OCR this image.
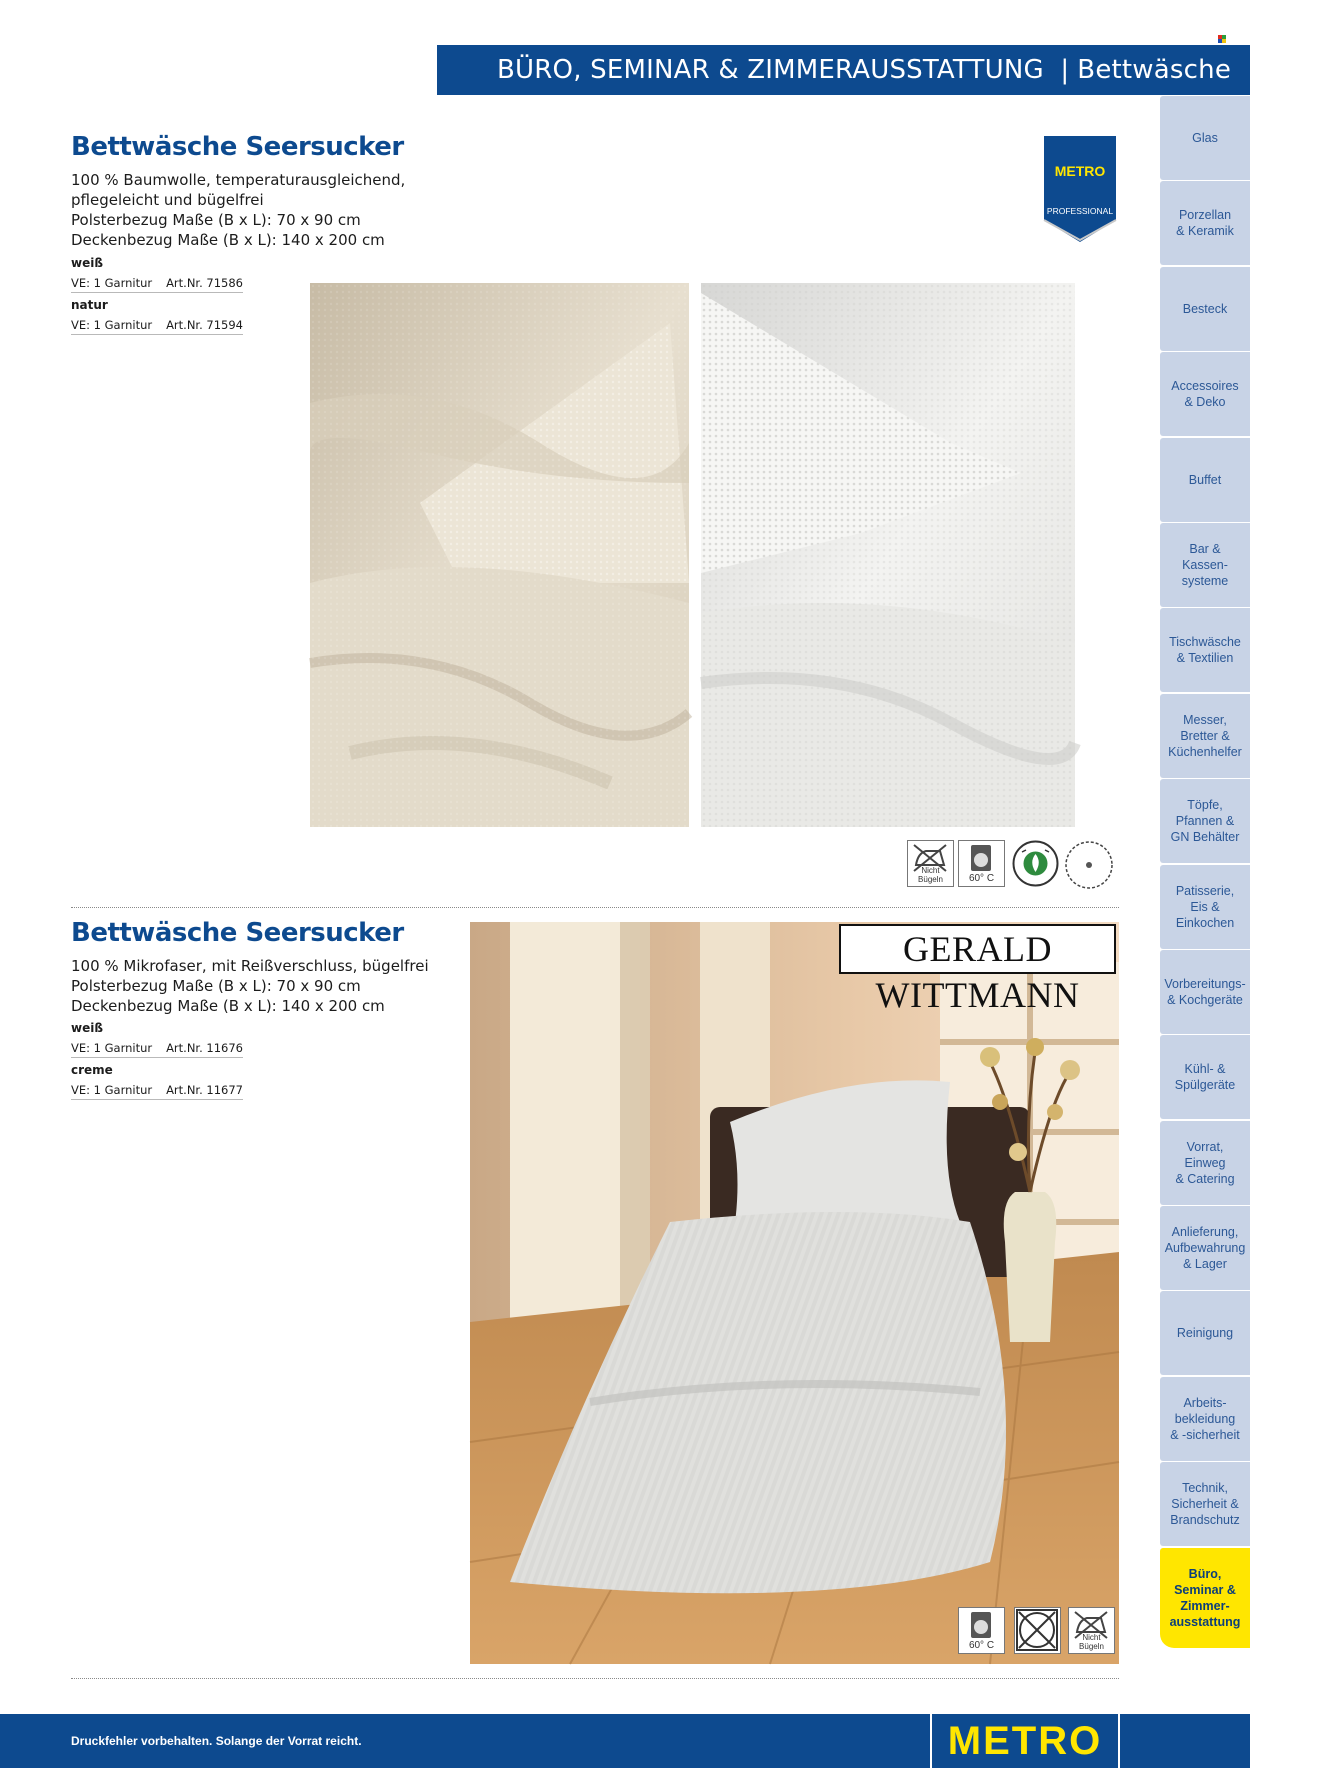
BÜRO, SEMINAR & ZIMMERAUSSTATTUNG | Bettwäsche | 443
Bettwäsche Seersucker
100 % Baumwolle, temperaturausgleichend,
pflegeleicht und bügelfrei
Polsterbezug Maße (B x L): 70 x 90 cm
Deckenbezug Maße (B x L): 140 x 200 cm
weiß
VE: 1 Garnitur Art.Nr. 71586
natur
VE: 1 Garnitur Art.Nr. 71594
METRO
PROFESSIONAL
Nicht Bügeln	60° C
Bettwäsche Seersucker
100 % Mikrofaser, mit Reißverschluss, bügelfrei
Polsterbezug Maße (B x L): 70 x 90 cm
Deckenbezug Maße (B x L): 140 x 200 cm
weiß
VE: 1 Garnitur Art.Nr. 11676
creme
VE: 1 Garnitur Art.Nr. 11677
GERALD WITTMANN
60° C
Nicht Bügeln
Glas
Porzellan
& Keramik
Besteck
Accessoires
& Deko
Buffet
Bar &
Kassen-
systeme
Tischwäsche
& Textilien
Messer,
Bretter &
Küchenhelfer
Töpfe,
Pfannen &
GN Behälter
Patisserie,
Eis &
Einkochen
Vorbereitungs-
& Kochgeräte
Kühl- &
Spülgeräte
Vorrat,
Einweg
& Catering
Anlieferung,
Aufbewahrung
& Lager
Reinigung
Arbeits-
bekleidung
& -sicherheit
Technik,
Sicherheit &
Brandschutz
Büro,
Seminar &
Zimmer-
ausstattung
Druckfehler vorbehalten. Solange der Vorrat reicht.	METRO
